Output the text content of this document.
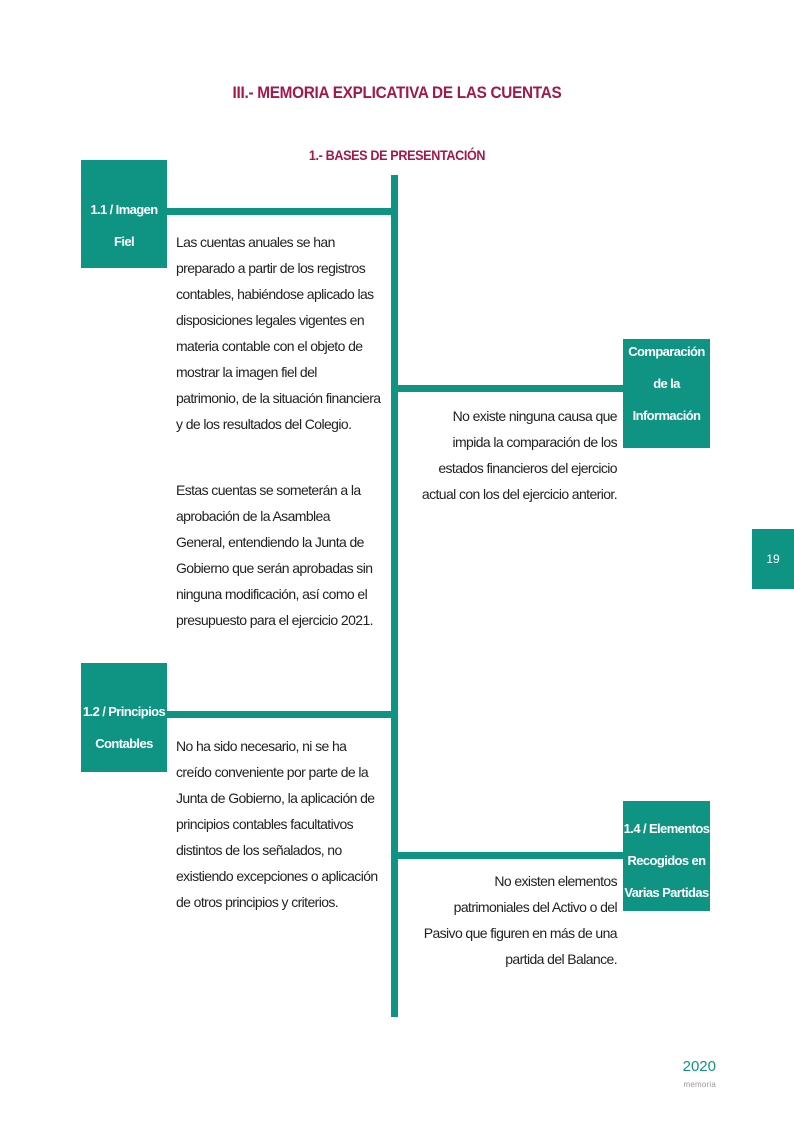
III.- MEMORIA EXPLICATIVA DE LAS CUENTAS
1.- BASES DE PRESENTACIÓN
1.1 / Imagen
Fiel	Las cuentas anuales se han preparado a partir de los registros contables, habiéndose aplicado las disposiciones legales vigentes en materia contable con el objeto de mostrar la imagen fiel del patrimonio, de la situación financiera y de los resultados del Colegio.
Estas cuentas se someterán a la aprobación de la Asamblea General, entendiendo la Junta de Gobierno que serán aprobadas sin ninguna modificación, así como el presupuesto para el ejercicio 2021.
1.3 / Comparación
de la Información
No existe ninguna causa que impida la comparación de los estados financieros del ejercicio actual con los del ejercicio anterior.
1.2 / Principios
Contables	No ha sido necesario, ni se ha creído conveniente por parte de la Junta de Gobierno, la aplicación de principios contables facultativos distintos de los señalados, no existiendo excepciones o aplicación de otros principios y criterios.
1.4 / Elementos
Recogidos en
Varias Partidas
No existen elementos patrimoniales del Activo o del Pasivo que figuren en más de una partida del Balance.
19
2020
memoria
